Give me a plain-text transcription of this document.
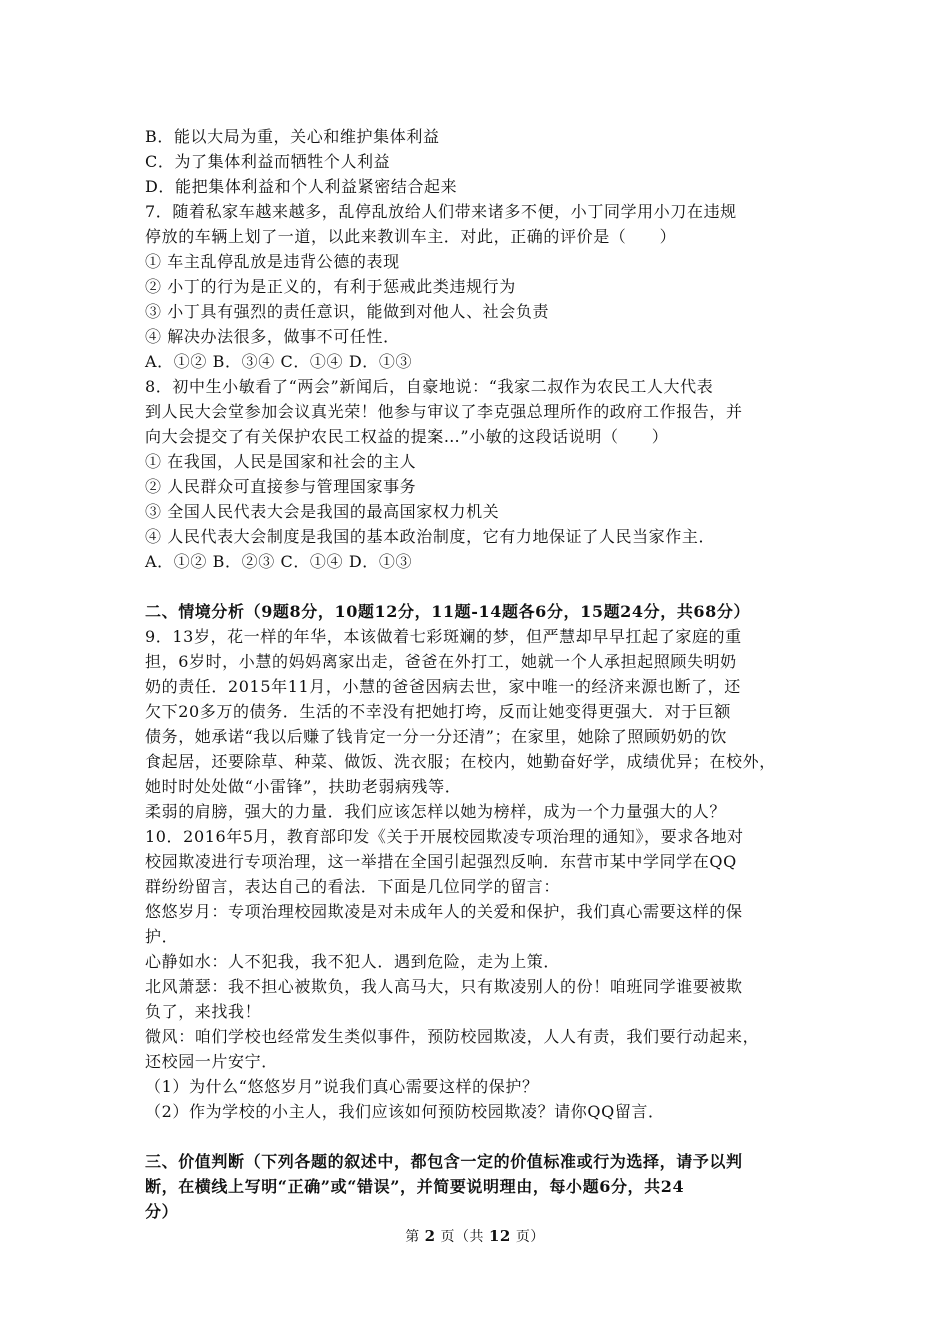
B．能以大局为重，关心和维护集体利益
C．为了集体利益而牺牲个人利益
D．能把集体利益和个人利益紧密结合起来
7．随着私家车越来越多，乱停乱放给人们带来诸多不便，小丁同学用小刀在违规
停放的车辆上划了一道，以此来教训车主．对此，正确的评价是（　　）
① 车主乱停乱放是违背公德的表现
② 小丁的行为是正义的，有利于惩戒此类违规行为
③ 小丁具有强烈的责任意识，能做到对他人、社会负责
④ 解决办法很多，做事不可任性．
A．①② B．③④ C．①④ D．①③
8．初中生小敏看了“两会”新闻后，自豪地说：“我家二叔作为农民工人大代表
到人民大会堂参加会议真光荣！他参与审议了李克强总理所作的政府工作报告，并
向大会提交了有关保护农民工权益的提案…”小敏的这段话说明（　　）
① 在我国，人民是国家和社会的主人
② 人民群众可直接参与管理国家事务
③ 全国人民代表大会是我国的最高国家权力机关
④ 人民代表大会制度是我国的基本政治制度，它有力地保证了人民当家作主．
A．①② B．②③ C．①④ D．①③
二、情境分析（9题8分，10题12分，11题-14题各6分，15题24分，共68分）
9．13岁，花一样的年华，本该做着七彩斑斓的梦，但严慧却早早扛起了家庭的重
担，6岁时，小慧的妈妈离家出走，爸爸在外打工，她就一个人承担起照顾失明奶
奶的责任．2015年11月，小慧的爸爸因病去世，家中唯一的经济来源也断了，还
欠下20多万的债务．生活的不幸没有把她打垮，反而让她变得更强大．对于巨额
债务，她承诺“我以后赚了钱肯定一分一分还清”；在家里，她除了照顾奶奶的饮
食起居，还要除草、种菜、做饭、洗衣服；在校内，她勤奋好学，成绩优异；在校外，
她时时处处做“小雷锋”，扶助老弱病残等．
柔弱的肩膀，强大的力量．我们应该怎样以她为榜样，成为一个力量强大的人？
10．2016年5月，教育部印发《关于开展校园欺凌专项治理的通知》，要求各地对
校园欺凌进行专项治理，这一举措在全国引起强烈反响．东营市某中学同学在QQ
群纷纷留言，表达自己的看法．下面是几位同学的留言：
悠悠岁月：专项治理校园欺凌是对未成年人的关爱和保护，我们真心需要这样的保
护．
心静如水：人不犯我，我不犯人．遇到危险，走为上策．
北风萧瑟：我不担心被欺负，我人高马大，只有欺凌别人的份！咱班同学谁要被欺
负了，来找我！
微风：咱们学校也经常发生类似事件，预防校园欺凌，人人有责，我们要行动起来，
还校园一片安宁．
（1）为什么“悠悠岁月”说我们真心需要这样的保护？
（2）作为学校的小主人，我们应该如何预防校园欺凌？请你QQ留言．
三、价值判断（下列各题的叙述中，都包含一定的价值标准或行为选择，请予以判
断，在横线上写明“正确”或“错误”，并简要说明理由，每小题6分，共24
分）
第 2 页（共 12 页）
